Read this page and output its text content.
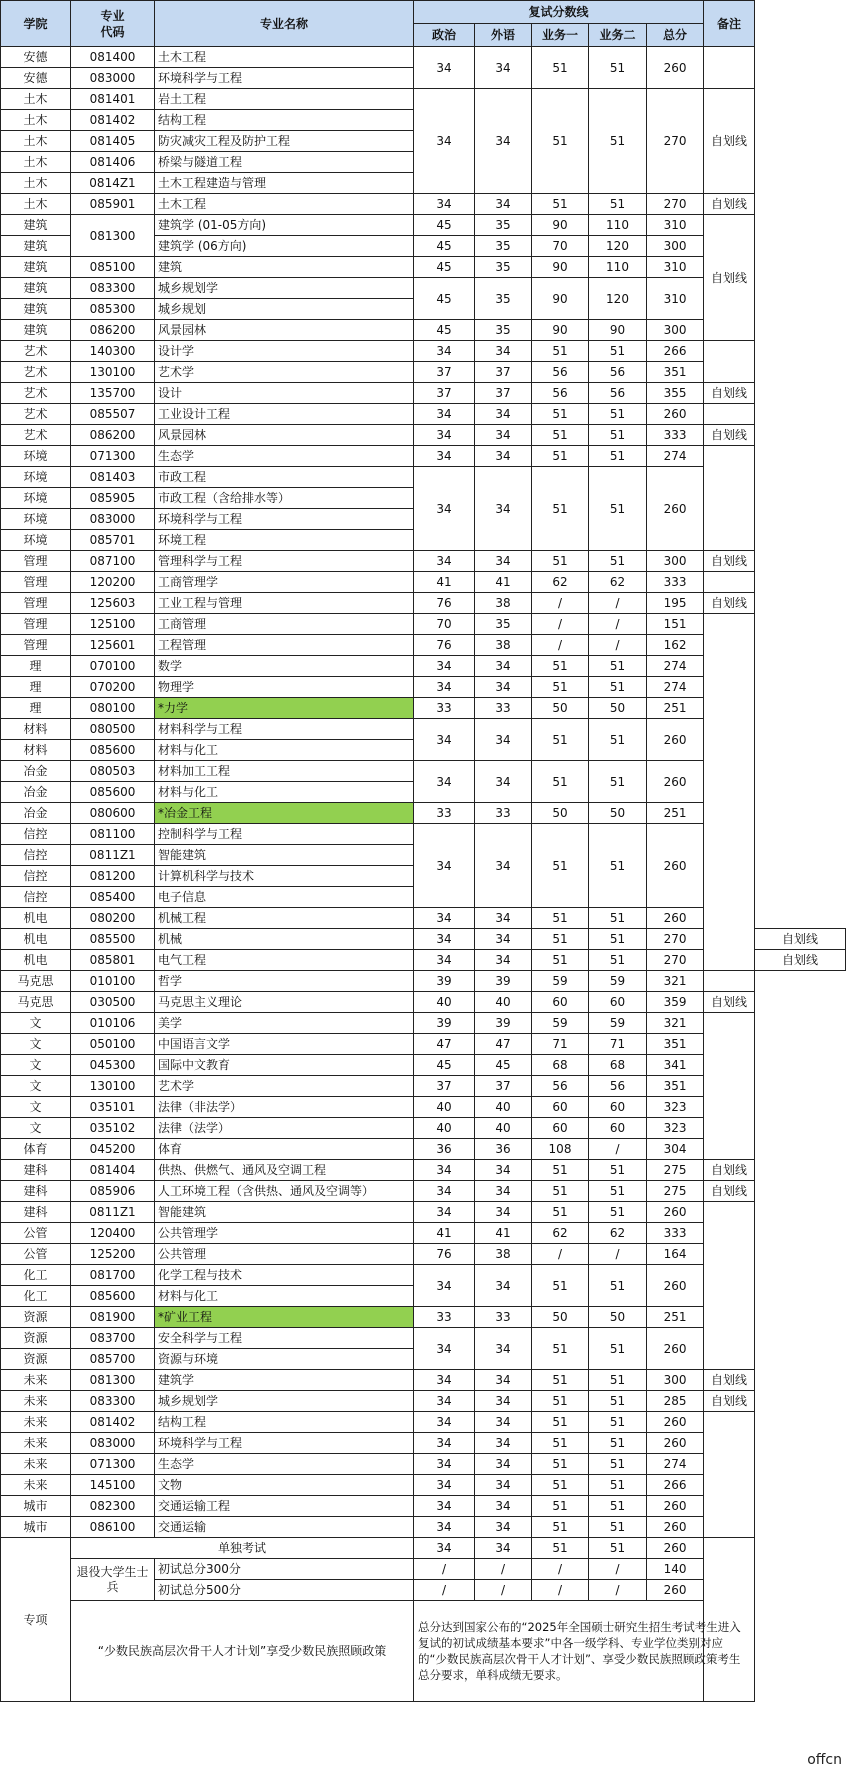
学院	专业
代码	专业名称	复试分数线					备注	
			政治	外语	业务一	业务二	总分		
安德	081400	土木工程	34	34	51	51	260		
安德	083000	环境科学与工程							
土木	081401	岩土工程	34	34	51	51	270	自划线	
土木	081402	结构工程							
土木	081405	防灾减灾工程及防护工程							
土木	081406	桥梁与隧道工程							
土木	0814Z1	土木工程建造与管理							
土木	085901	土木工程	34	34	51	51	270	自划线	
建筑	081300	建筑学 (01-05方向)	45	35	90	110	310	自划线	
建筑		建筑学 (06方向)	45	35	70	120	300		
建筑	085100	建筑	45	35	90	110	310		
建筑	083300	城乡规划学	45	35	90	120	310		
建筑	085300	城乡规划							
建筑	086200	风景园林	45	35	90	90	300		
艺术	140300	设计学	34	34	51	51	266		
艺术	130100	艺术学	37	37	56	56	351		
艺术	135700	设计	37	37	56	56	355	自划线	
艺术	085507	工业设计工程	34	34	51	51	260		
艺术	086200	风景园林	34	34	51	51	333	自划线	
环境	071300	生态学	34	34	51	51	274		
环境	081403	市政工程	34	34	51	51	260		
环境	085905	市政工程（含给排水等）							
环境	083000	环境科学与工程							
环境	085701	环境工程							
管理	087100	管理科学与工程	34	34	51	51	300	自划线	
管理	120200	工商管理学	41	41	62	62	333		
管理	125603	工业工程与管理	76	38	/	/	195	自划线	
管理	125100	工商管理	70	35	/	/	151		
管理	125601	工程管理	76	38	/	/	162		
理	070100	数学	34	34	51	51	274		
理	070200	物理学	34	34	51	51	274		
理	080100	*力学	33	33	50	50	251		
材料	080500	材料科学与工程	34	34	51	51	260		
材料	085600	材料与化工							
冶金	080503	材料加工工程	34	34	51	51	260		
冶金	085600	材料与化工							
冶金	080600	*冶金工程	33	33	50	50	251		
信控	081100	控制科学与工程	34	34	51	51	260		
信控	0811Z1	智能建筑							
信控	081200	计算机科学与技术							
信控	085400	电子信息							
机电	080200	机械工程	34	34	51	51	260		
机电	085500	机械	34	34	51	51	270		自划线
机电	085801	电气工程	34	34	51	51	270		自划线
马克思	010100	哲学	39	39	59	59	321		
马克思	030500	马克思主义理论	40	40	60	60	359	自划线	
文	010106	美学	39	39	59	59	321		
文	050100	中国语言文学	47	47	71	71	351		
文	045300	国际中文教育	45	45	68	68	341		
文	130100	艺术学	37	37	56	56	351		
文	035101	法律（非法学）	40	40	60	60	323		
文	035102	法律（法学）	40	40	60	60	323		
体育	045200	体育	36	36	108	/	304		
建科	081404	供热、供燃气、通风及空调工程	34	34	51	51	275	自划线	
建科	085906	人工环境工程（含供热、通风及空调等）	34	34	51	51	275	自划线	
建科	0811Z1	智能建筑	34	34	51	51	260		
公管	120400	公共管理学	41	41	62	62	333		
公管	125200	公共管理	76	38	/	/	164		
化工	081700	化学工程与技术	34	34	51	51	260		
化工	085600	材料与化工							
资源	081900	*矿业工程	33	33	50	50	251		
资源	083700	安全科学与工程	34	34	51	51	260		
资源	085700	资源与环境							
未来	081300	建筑学	34	34	51	51	300	自划线	
未来	083300	城乡规划学	34	34	51	51	285	自划线	
未来	081402	结构工程	34	34	51	51	260		
未来	083000	环境科学与工程	34	34	51	51	260		
未来	071300	生态学	34	34	51	51	274		
未来	145100	文物	34	34	51	51	266		
城市	082300	交通运输工程	34	34	51	51	260		
城市	086100	交通运输	34	34	51	51	260		
专项	单独考试		34	34	51	51	260		
	退役大学生士兵	初试总分300分	/	/	/	/	140		
		初试总分500分	/	/	/	/	260		
	“少数民族高层次骨干人才计划”享受少数民族照顾政策		总分达到国家公布的“2025年全国硕士研究生招生考试考生进入复试的初试成绩基本要求”中各一级学科、专业学位类别对应的“少数民族高层次骨干人才计划”、享受少数民族照顾政策考生总分要求，单科成绩无要求。						
offcn
